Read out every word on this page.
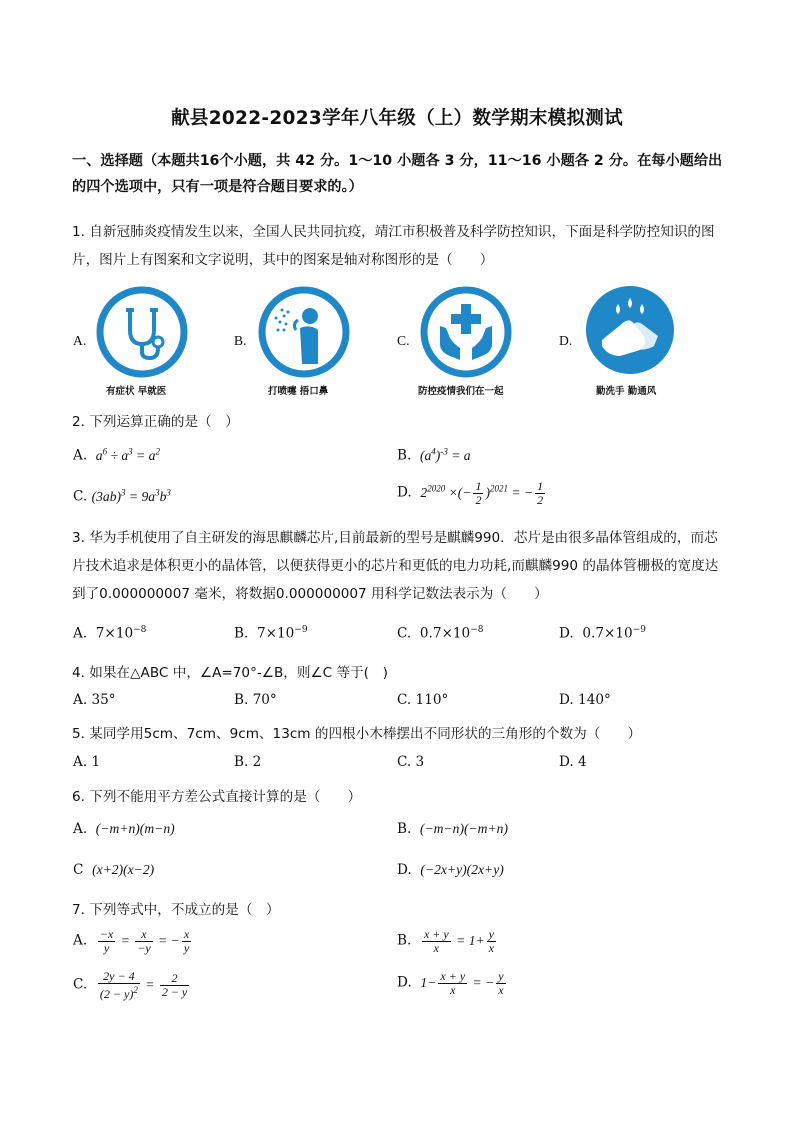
献县2022-2023学年八年级（上）数学期末模拟测试
一、选择题（本题共16个小题，共 42 分。1～10 小题各 3 分，11～16 小题各 2 分。在每小题给出的四个选项中，只有一项是符合题目要求的。）
1. 自新冠肺炎疫情发生以来，全国人民共同抗疫，靖江市积极普及科学防控知识，下面是科学防控知识的图片，图片上有图案和文字说明，其中的图案是轴对称图形的是（　　）
A.
有症状 早就医
B.
打喷嚏 捂口鼻
C.
防控疫情我们在一起
D.
勤洗手 勤通风
2. 下列运算正确的是（　）
A. $a^6 \div a^3 = a^2$	B. $(a^4)^{-3} = a$
C. $(3ab)^3 = 9a^3b^3$	D. $2^{2020}$ ×(− $\frac{1}{2} )^{2021}$ = − $\frac{1}{2}$
3. 华为手机使用了自主研发的海思麒麟芯片,目前最新的型号是麒麟990．芯片是由很多晶体管组成的，而芯片技术追求是体积更小的晶体管，以便获得更小的芯片和更低的电力功耗,而麒麟990 的晶体管栅极的宽度达到了0.000000007 毫米，将数据0.000000007 用科学记数法表示为（　　）
A.  $7\times 10^{-8}$	B.  $7\times 10^{-9}$	C.  $0.7\times 10^{-8}$	D.  $0.7\times 10^{-9}$
4. 如果在△ABC 中，∠A=70°-∠B，则∠C 等于(　)
A. 35°	B. 70°	C. 110°	D. 140°
5. 某同学用5cm、7cm、9cm、13cm 的四根小木棒摆出不同形状的三角形的个数为（　　）
A. 1	B. 2	C. 3	D. 4
6. 下列不能用平方差公式直接计算的是（　　）
A. (−m+n)(m−n)	B. (−m−n)(−m+n)
C (x+2)(x−2)	D. (−2x+y)(2x+y)
7. 下列等式中，不成立的是（　）
A. $\frac{-x}{y} = \frac{x}{-y}$ = − $\frac{x}{y}$	B. $\frac{x + y}{x} = 1+ \frac{y}{x}$
C. $\frac{2y - 4}{(2 - y)^2} = \frac{2}{2 - y}$	D. $1- \frac{x + y}{x}$ = − $\frac{y}{x}$
